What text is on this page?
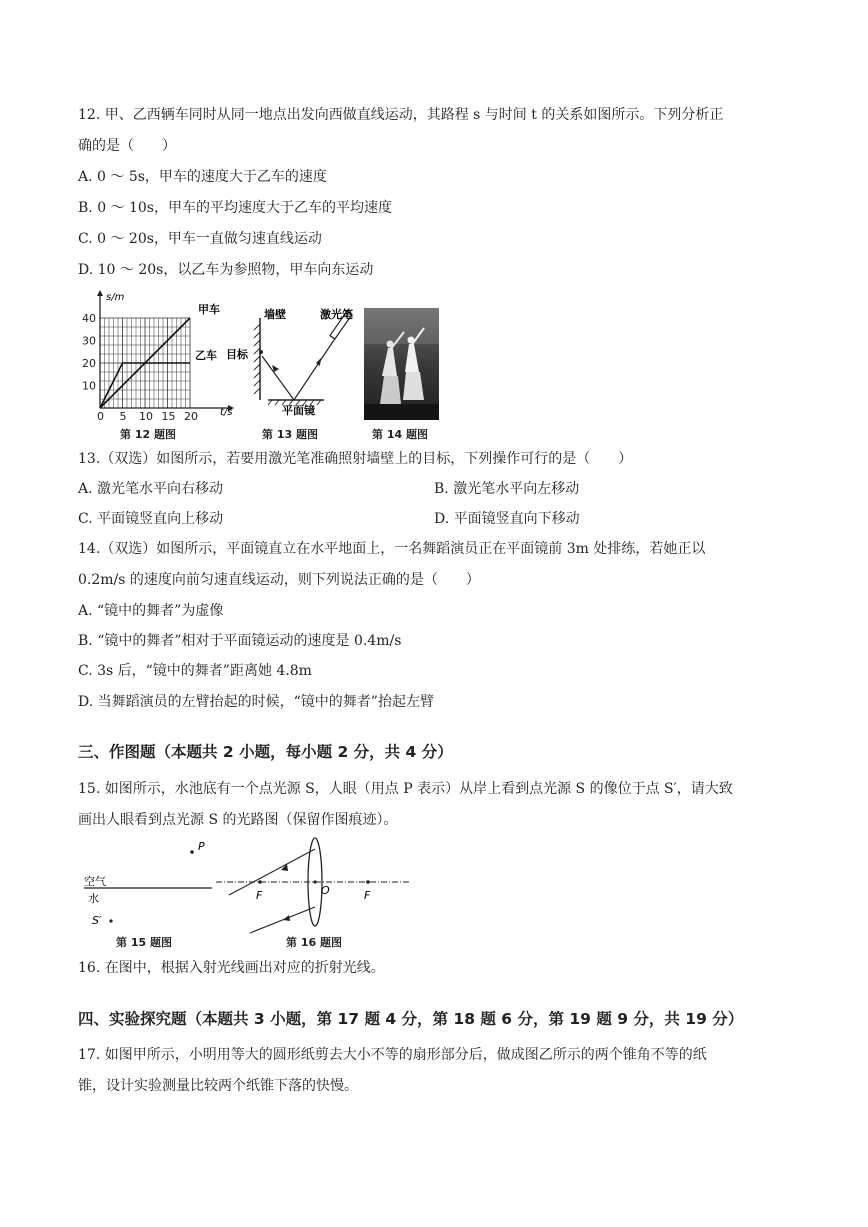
12. 甲、乙西辆车同时从同一地点出发向西做直线运动，其路程 s 与时间 t 的关系如图所示。下列分析正
确的是（　　）
A. 0 ～ 5s，甲车的速度大于乙车的速度
B. 0 ～ 10s，甲车的平均速度大于乙车的平均速度
C. 0 ～ 20s，甲车一直做匀速直线运动
D. 10 ～ 20s，以乙车为参照物，甲车向东运动
40
30
20
10
0 5 10 15 20
s/m
t/s
甲车
乙车
第 12 题图
墙壁	激光笔
目标
平面镜
第 13 题图	第 14 题图
13.（双选）如图所示，若要用激光笔准确照射墙壁上的目标，下列操作可行的是（　　）
A. 激光笔水平向右移动	B. 激光笔水平向左移动
C. 平面镜竖直向上移动	D. 平面镜竖直向下移动
14.（双选）如图所示，平面镜直立在水平地面上，一名舞蹈演员正在平面镜前 3m 处排练，若她正以
0.2m/s 的速度向前匀速直线运动，则下列说法正确的是（　　）
A. “镜中的舞者”为虚像
B. “镜中的舞者”相对于平面镜运动的速度是 0.4m/s
C. 3s 后，“镜中的舞者”距离她 4.8m
D. 当舞蹈演员的左臂抬起的时候，“镜中的舞者”抬起左臂
三、作图题（本题共 2 小题，每小题 2 分，共 4 分）
15. 如图所示，水池底有一个点光源 S，人眼（用点 P 表示）从岸上看到点光源 S 的像位于点 S′，请大致
画出人眼看到点光源 S 的光路图（保留作图痕迹）。
P
空气
水
S′
F	O	F
第 15 题图	第 16 题图
16. 在图中，根据入射光线画出对应的折射光线。
四、实验探究题（本题共 3 小题，第 17 题 4 分，第 18 题 6 分，第 19 题 9 分，共 19 分）
17. 如图甲所示，小明用等大的圆形纸剪去大小不等的扇形部分后，做成图乙所示的两个锥角不等的纸
锥，设计实验测量比较两个纸锥下落的快慢。
